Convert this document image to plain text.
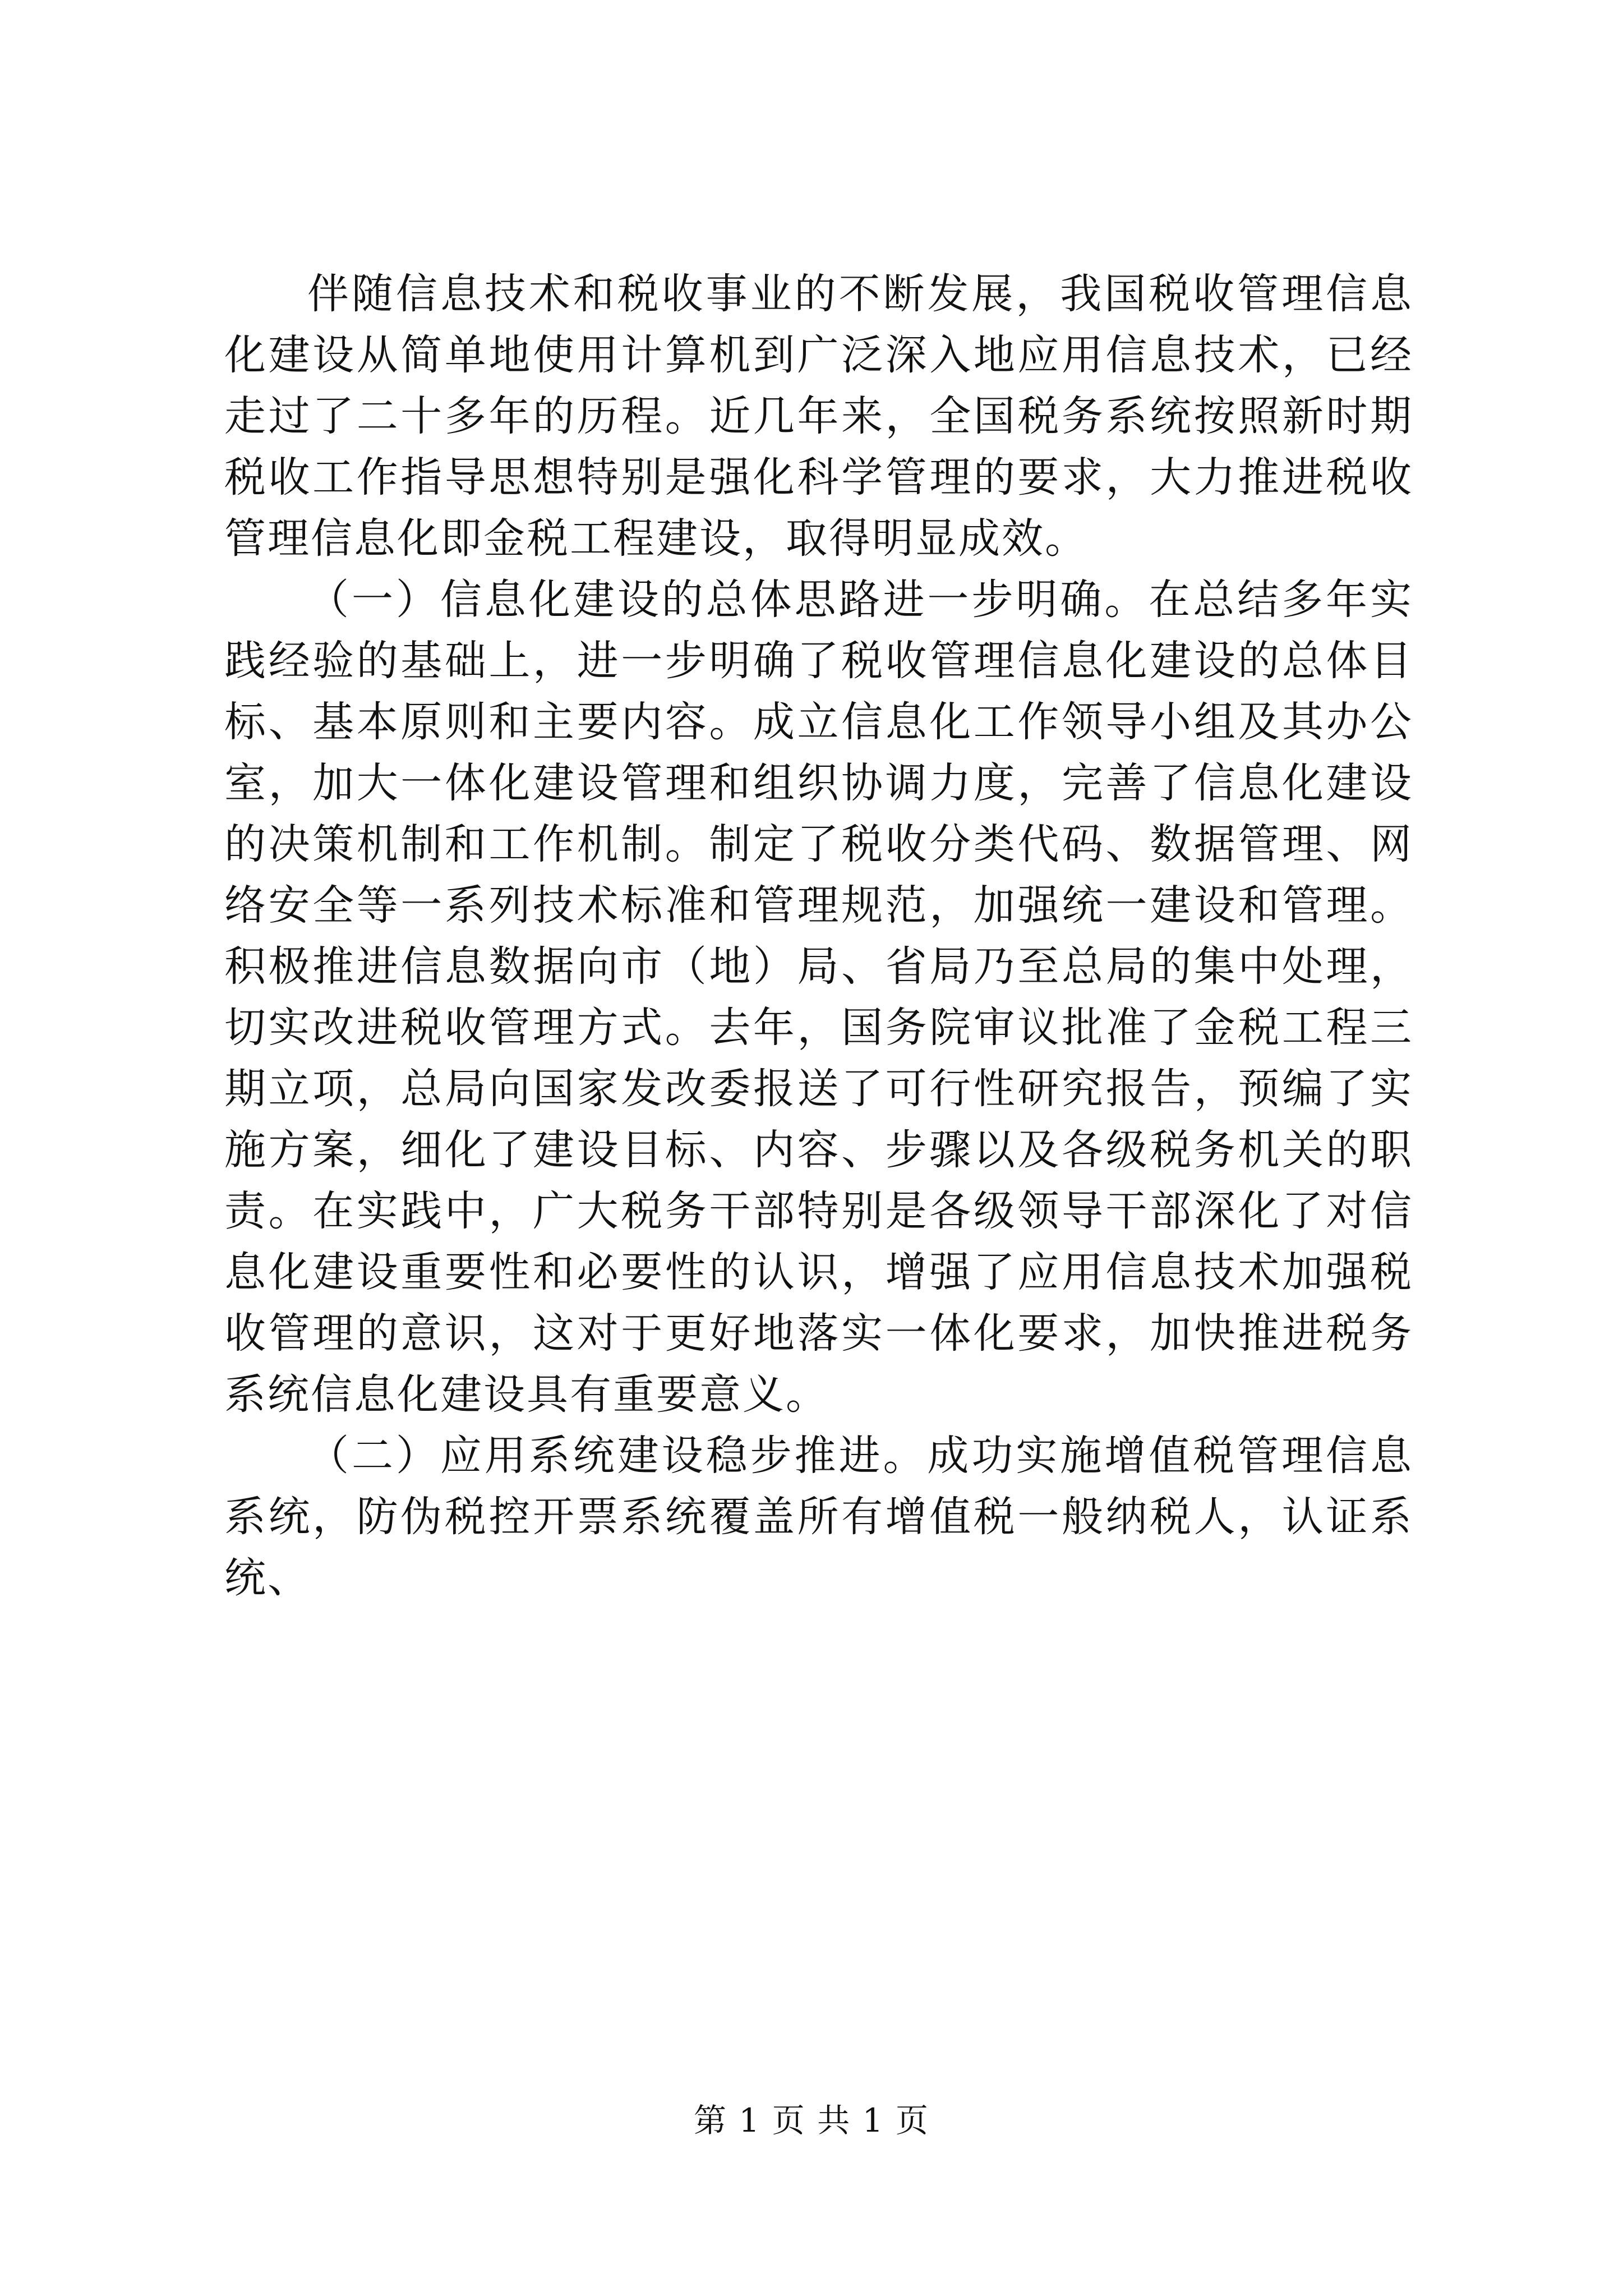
伴随信息技术和税收事业的不断发展，我国税收管理信息化建设从简单地使用计算机到广泛深入地应用信息技术，已经走过了二十多年的历程。近几年来，全国税务系统按照新时期税收工作指导思想特别是强化科学管理的要求，大力推进税收管理信息化即金税工程建设，取得明显成效。

（一）信息化建设的总体思路进一步明确。在总结多年实践经验的基础上，进一步明确了税收管理信息化建设的总体目标、基本原则和主要内容。成立信息化工作领导小组及其办公室，加大一体化建设管理和组织协调力度，完善了信息化建设的决策机制和工作机制。制定了税收分类代码、数据管理、网络安全等一系列技术标准和管理规范，加强统一建设和管理。积极推进信息数据向市（地）局、省局乃至总局的集中处理，切实改进税收管理方式。去年，国务院审议批准了金税工程三期立项，总局向国家发改委报送了可行性研究报告，预编了实施方案，细化了建设目标、内容、步骤以及各级税务机关的职责。在实践中，广大税务干部特别是各级领导干部深化了对信息化建设重要性和必要性的认识，增强了应用信息技术加强税收管理的意识，这对于更好地落实一体化要求，加快推进税务系统信息化建设具有重要意义。

（二）应用系统建设稳步推进。成功实施增值税管理信息系统，防伪税控开票系统覆盖所有增值税一般纳税人，认证系统、

第 1 页 共 1 页
